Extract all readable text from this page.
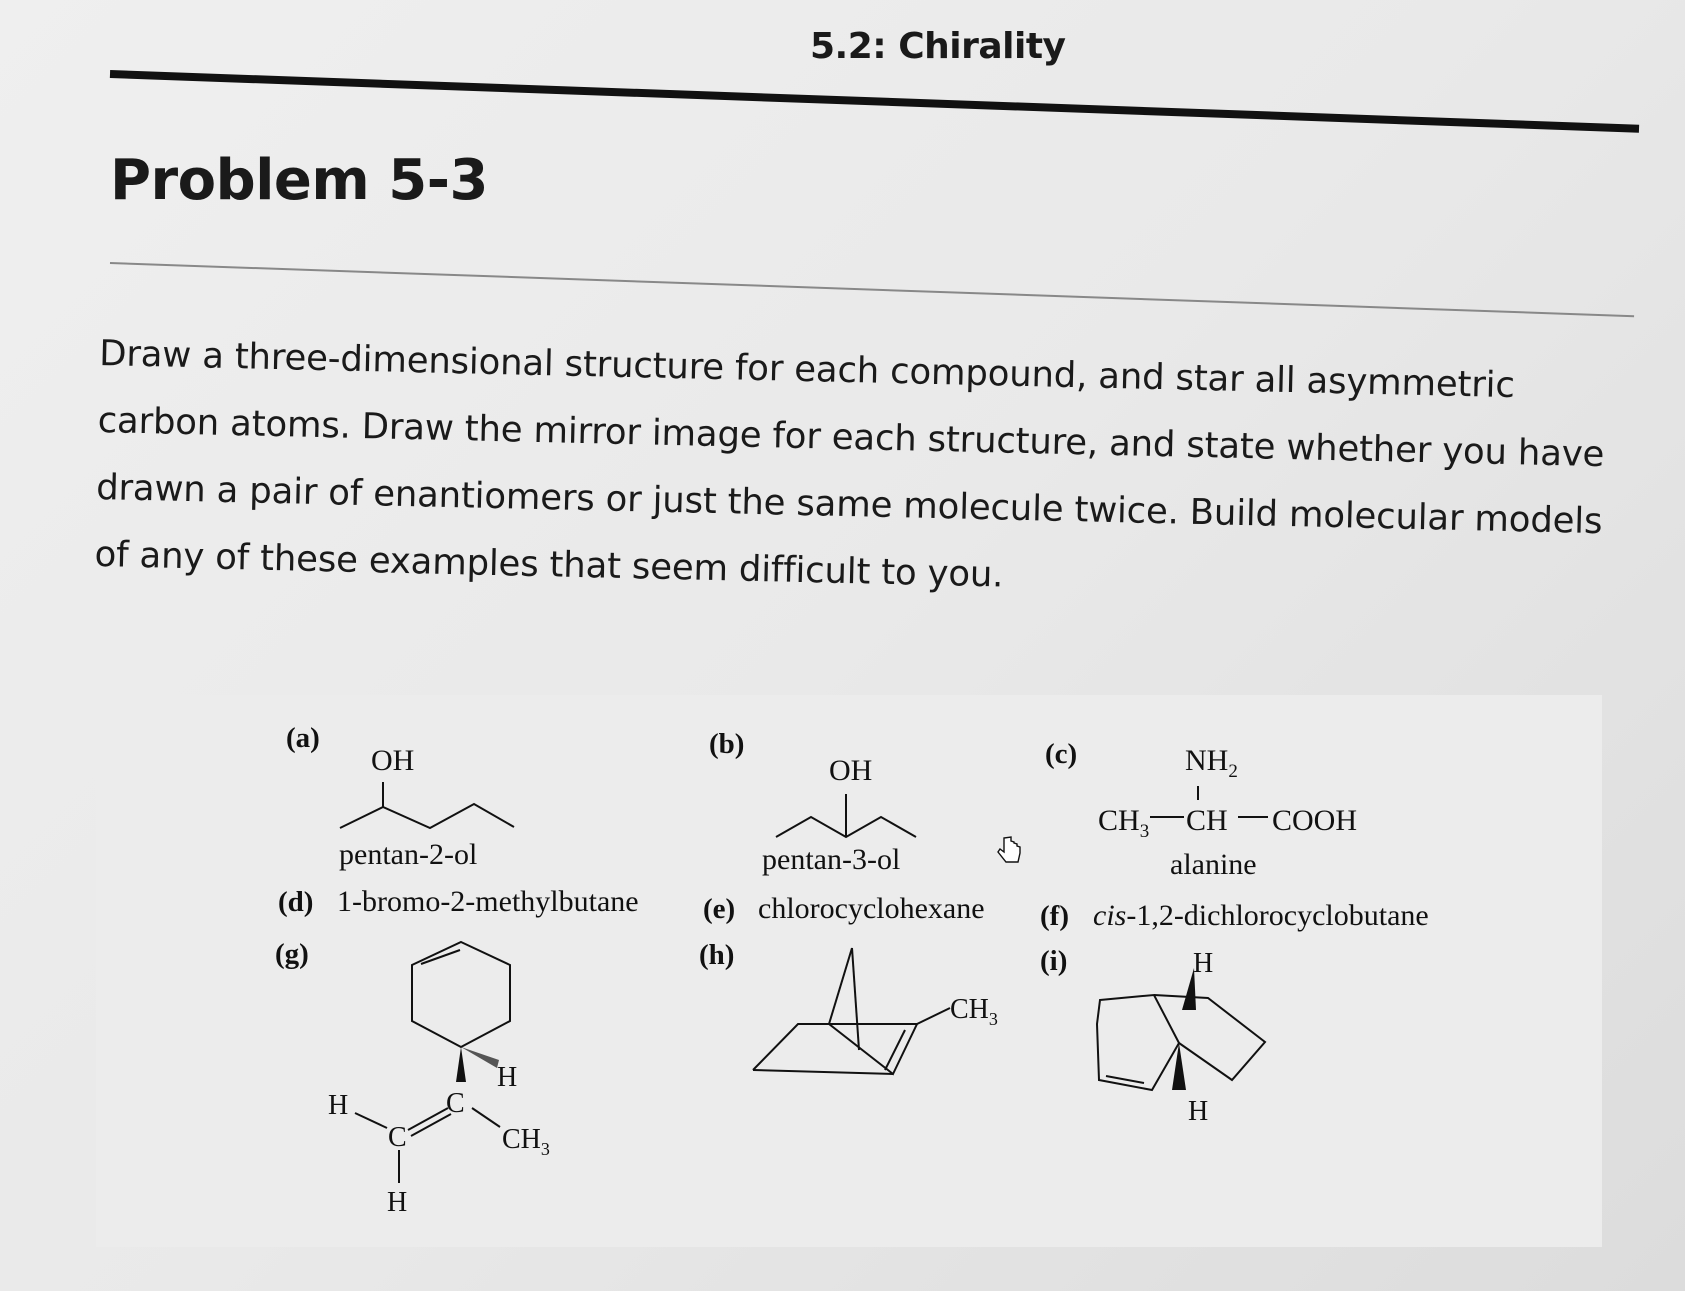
5.2: Chirality
Problem 5-3
Draw a three-dimensional structure for each compound, and star all asymmetric carbon atoms. Draw the mirror image for each structure, and state whether you have drawn a pair of enantiomers or just the same molecule twice. Build molecular models of any of these examples that seem difficult to you.
(a)
OH
pentan-2-ol
(b)
OH
pentan-3-ol
(c)	$NH_2$
$CH_3$ CH COOH
alanine
(d) 1-bromo-2-methylbutane (e) chlorocyclohexane (f) cis-1,2-dichlorocyclobutane
(g)
H
C
$CH_3$
H
C
H
(h)
$CH_3$
(i)	H
H
